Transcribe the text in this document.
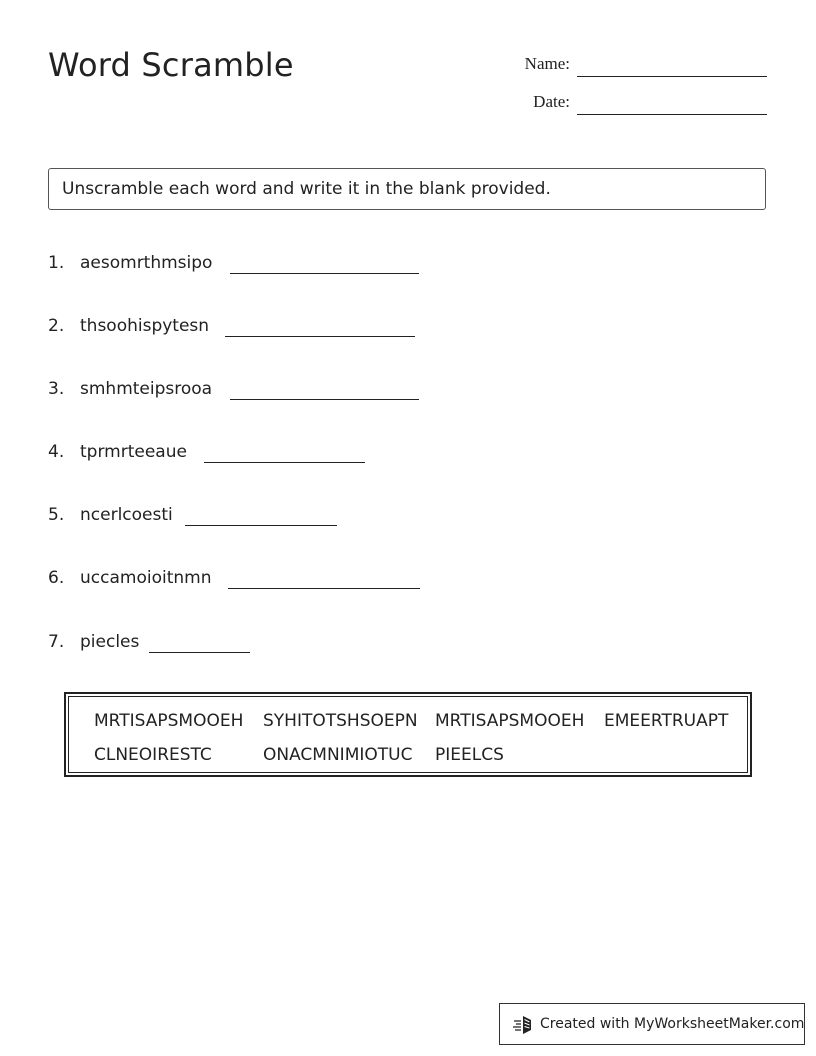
Word Scramble	Name:
Date:
Unscramble each word and write it in the blank provided.
1. aesomrthmsipo
2. thsoohispytesn
3. smhmteipsrooa
4. tprmrteeaue
5. ncerlcoesti
6. uccamoioitnmn
7. piecles
MRTISAPSMOOEH SYHITOTSHSOEPN MRTISAPSMOOEH EMEERTRUAPT
CLNEOIRESTC	ONACMNIMIOTUC PIEELCS
Created with MyWorksheetMaker.com
